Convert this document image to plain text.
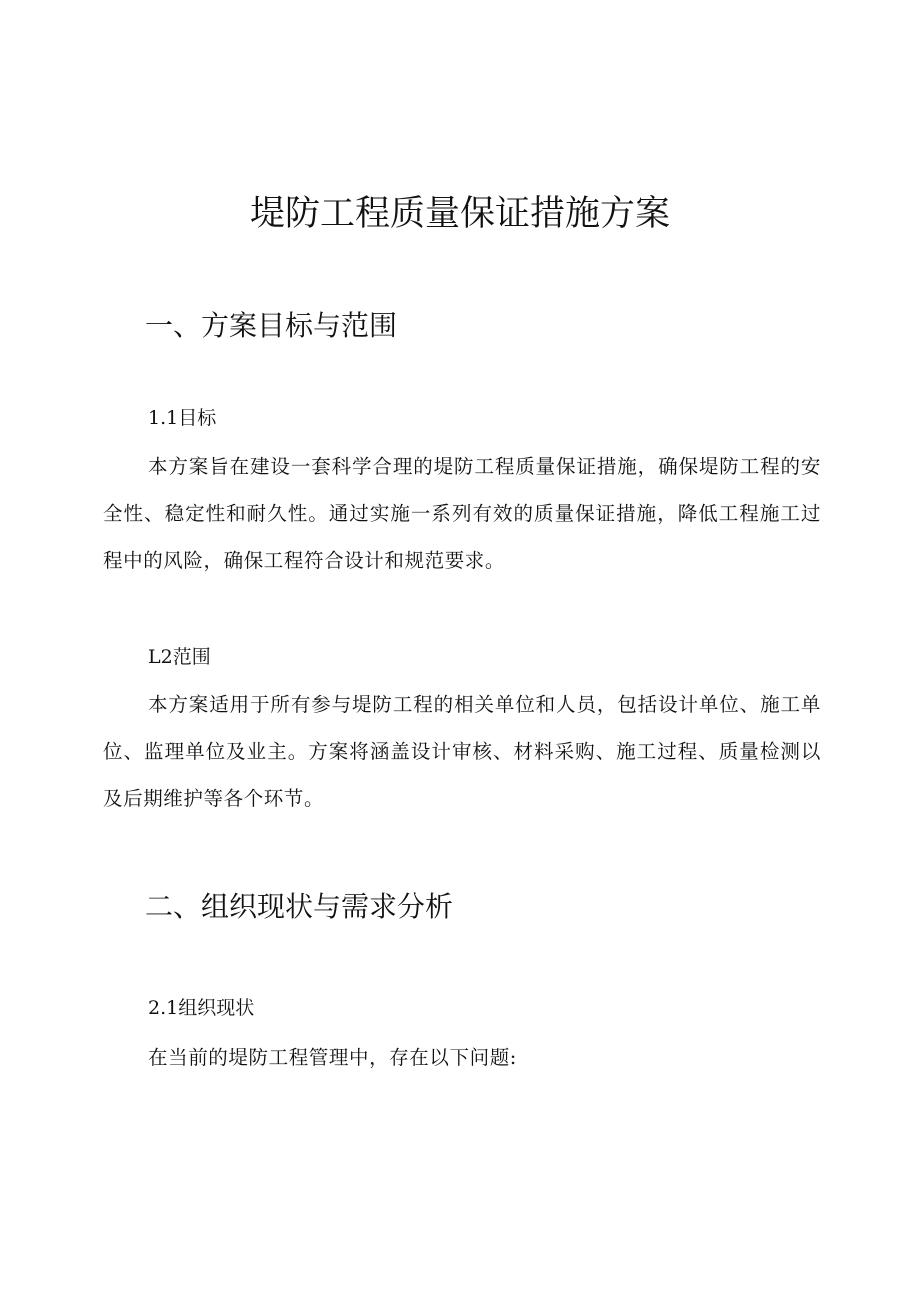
堤防工程质量保证措施方案
一、方案目标与范围
1.1目标

本方案旨在建设一套科学合理的堤防工程质量保证措施，确保堤防工程的安全性、稳定性和耐久性。通过实施一系列有效的质量保证措施，降低工程施工过程中的风险，确保工程符合设计和规范要求。

L2范围

本方案适用于所有参与堤防工程的相关单位和人员，包括设计单位、施工单位、监理单位及业主。方案将涵盖设计审核、材料采购、施工过程、质量检测以及后期维护等各个环节。

二、组织现状与需求分析
2.1组织现状

在当前的堤防工程管理中，存在以下问题:
